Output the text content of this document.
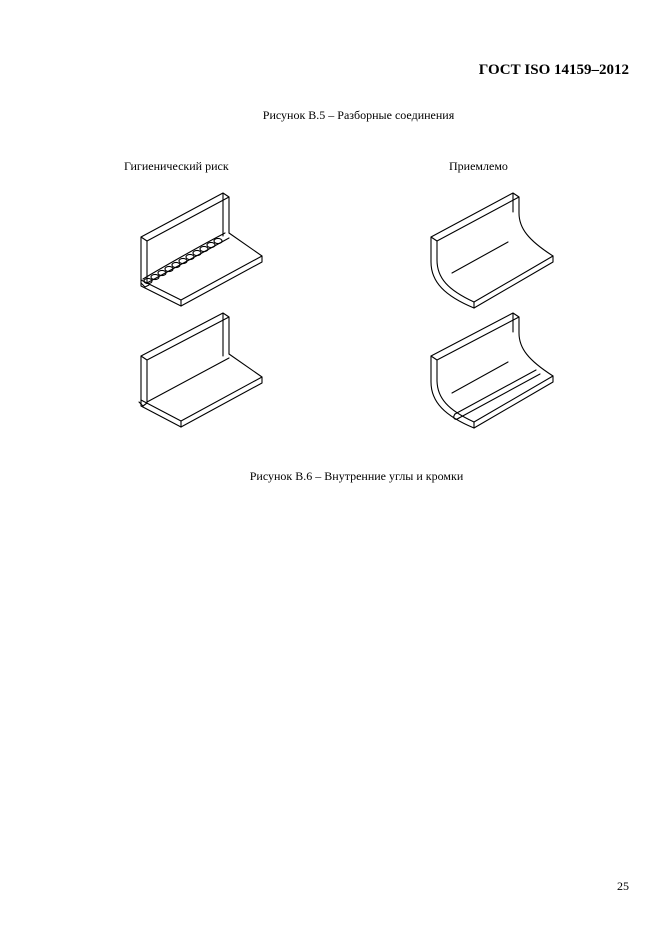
ГОСТ ISO 14159–2012
Рисунок В.5 – Разборные соединения
Гигиенический риск	Приемлемо
Рисунок В.6 – Внутренние углы и кромки
25
